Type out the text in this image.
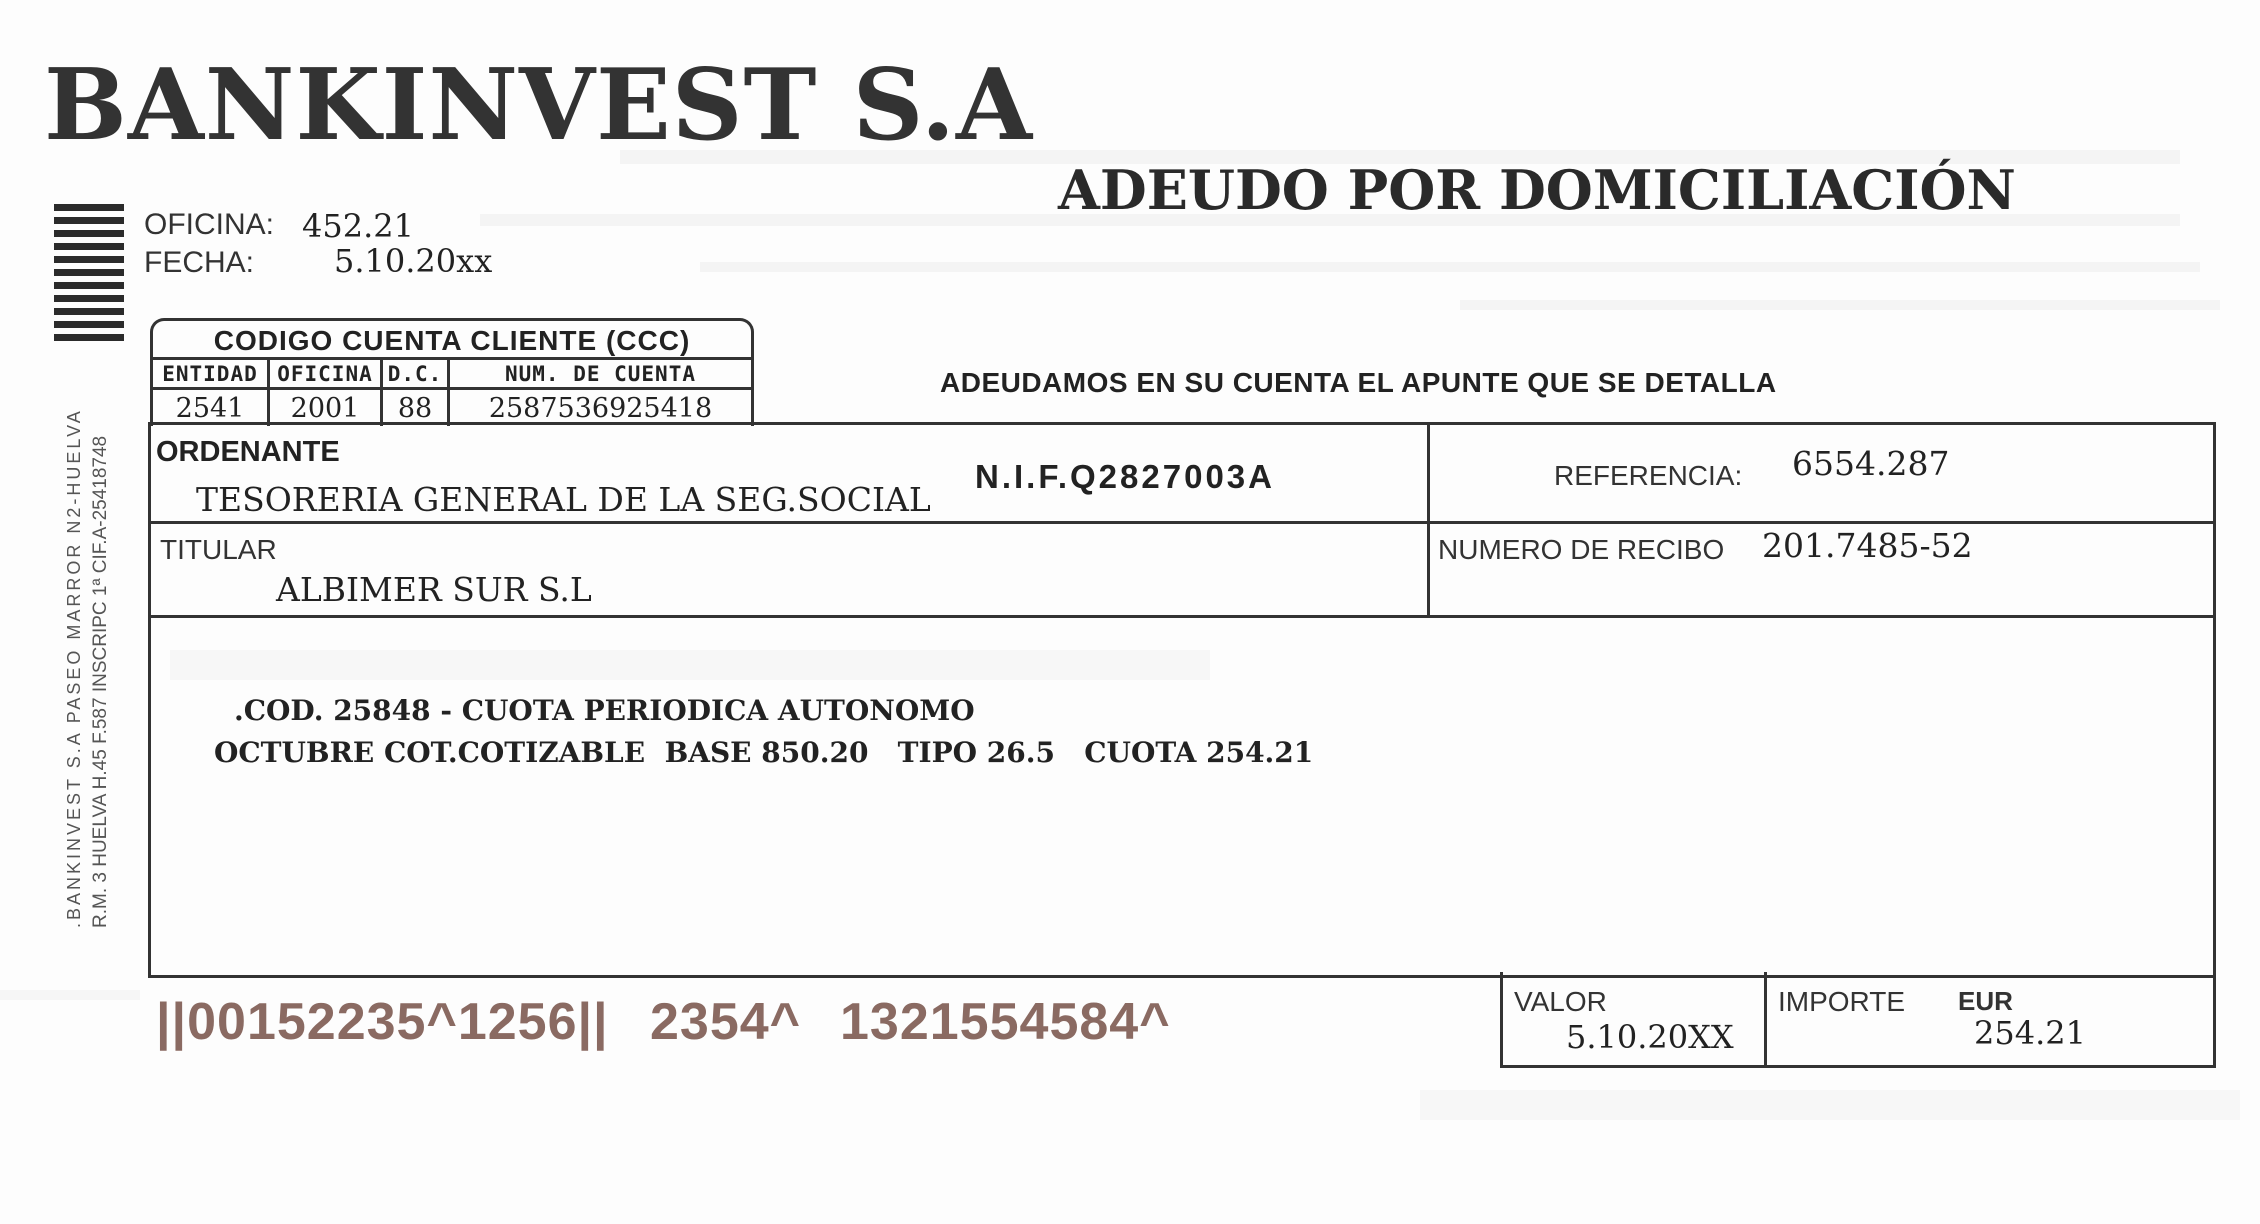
BANKINVEST S.A
ADEUDO POR DOMICILIACIÓN
OFICINA: 452.21
FECHA: 5.10.20xx
CODIGO CUENTA CLIENTE (CCC)
ENTIDAD OFICINA D.C.	NUM. DE CUENTA
2541	2001	88	2587536925418
ADEUDAMOS EN SU CUENTA EL APUNTE QUE SE DETALLA
ORDENANTE
TESORERIA GENERAL DE LA SEG.SOCIAL
N.I.F.Q2827003A	REFERENCIA: 6554.287
TITULAR
ALBIMER SUR S.L
NUMERO DE RECIBO 201.7485-52
.COD. 25848 - CUOTA PERIODICA AUTONOMO
OCTUBRE COT.COTIZABLE  BASE 850.20   TIPO 26.5   CUOTA 254.21
VALOR
5.10.20XX
IMPORTE EUR
254.21
||00152235^1256|| 2354^ 1321554584^
.BANKINVEST S.A PASEO MARROR N2-HUELVA R.M. 3 HUELVA H.45 F.587 INSCRIPC 1ª CIF.A-25418748
